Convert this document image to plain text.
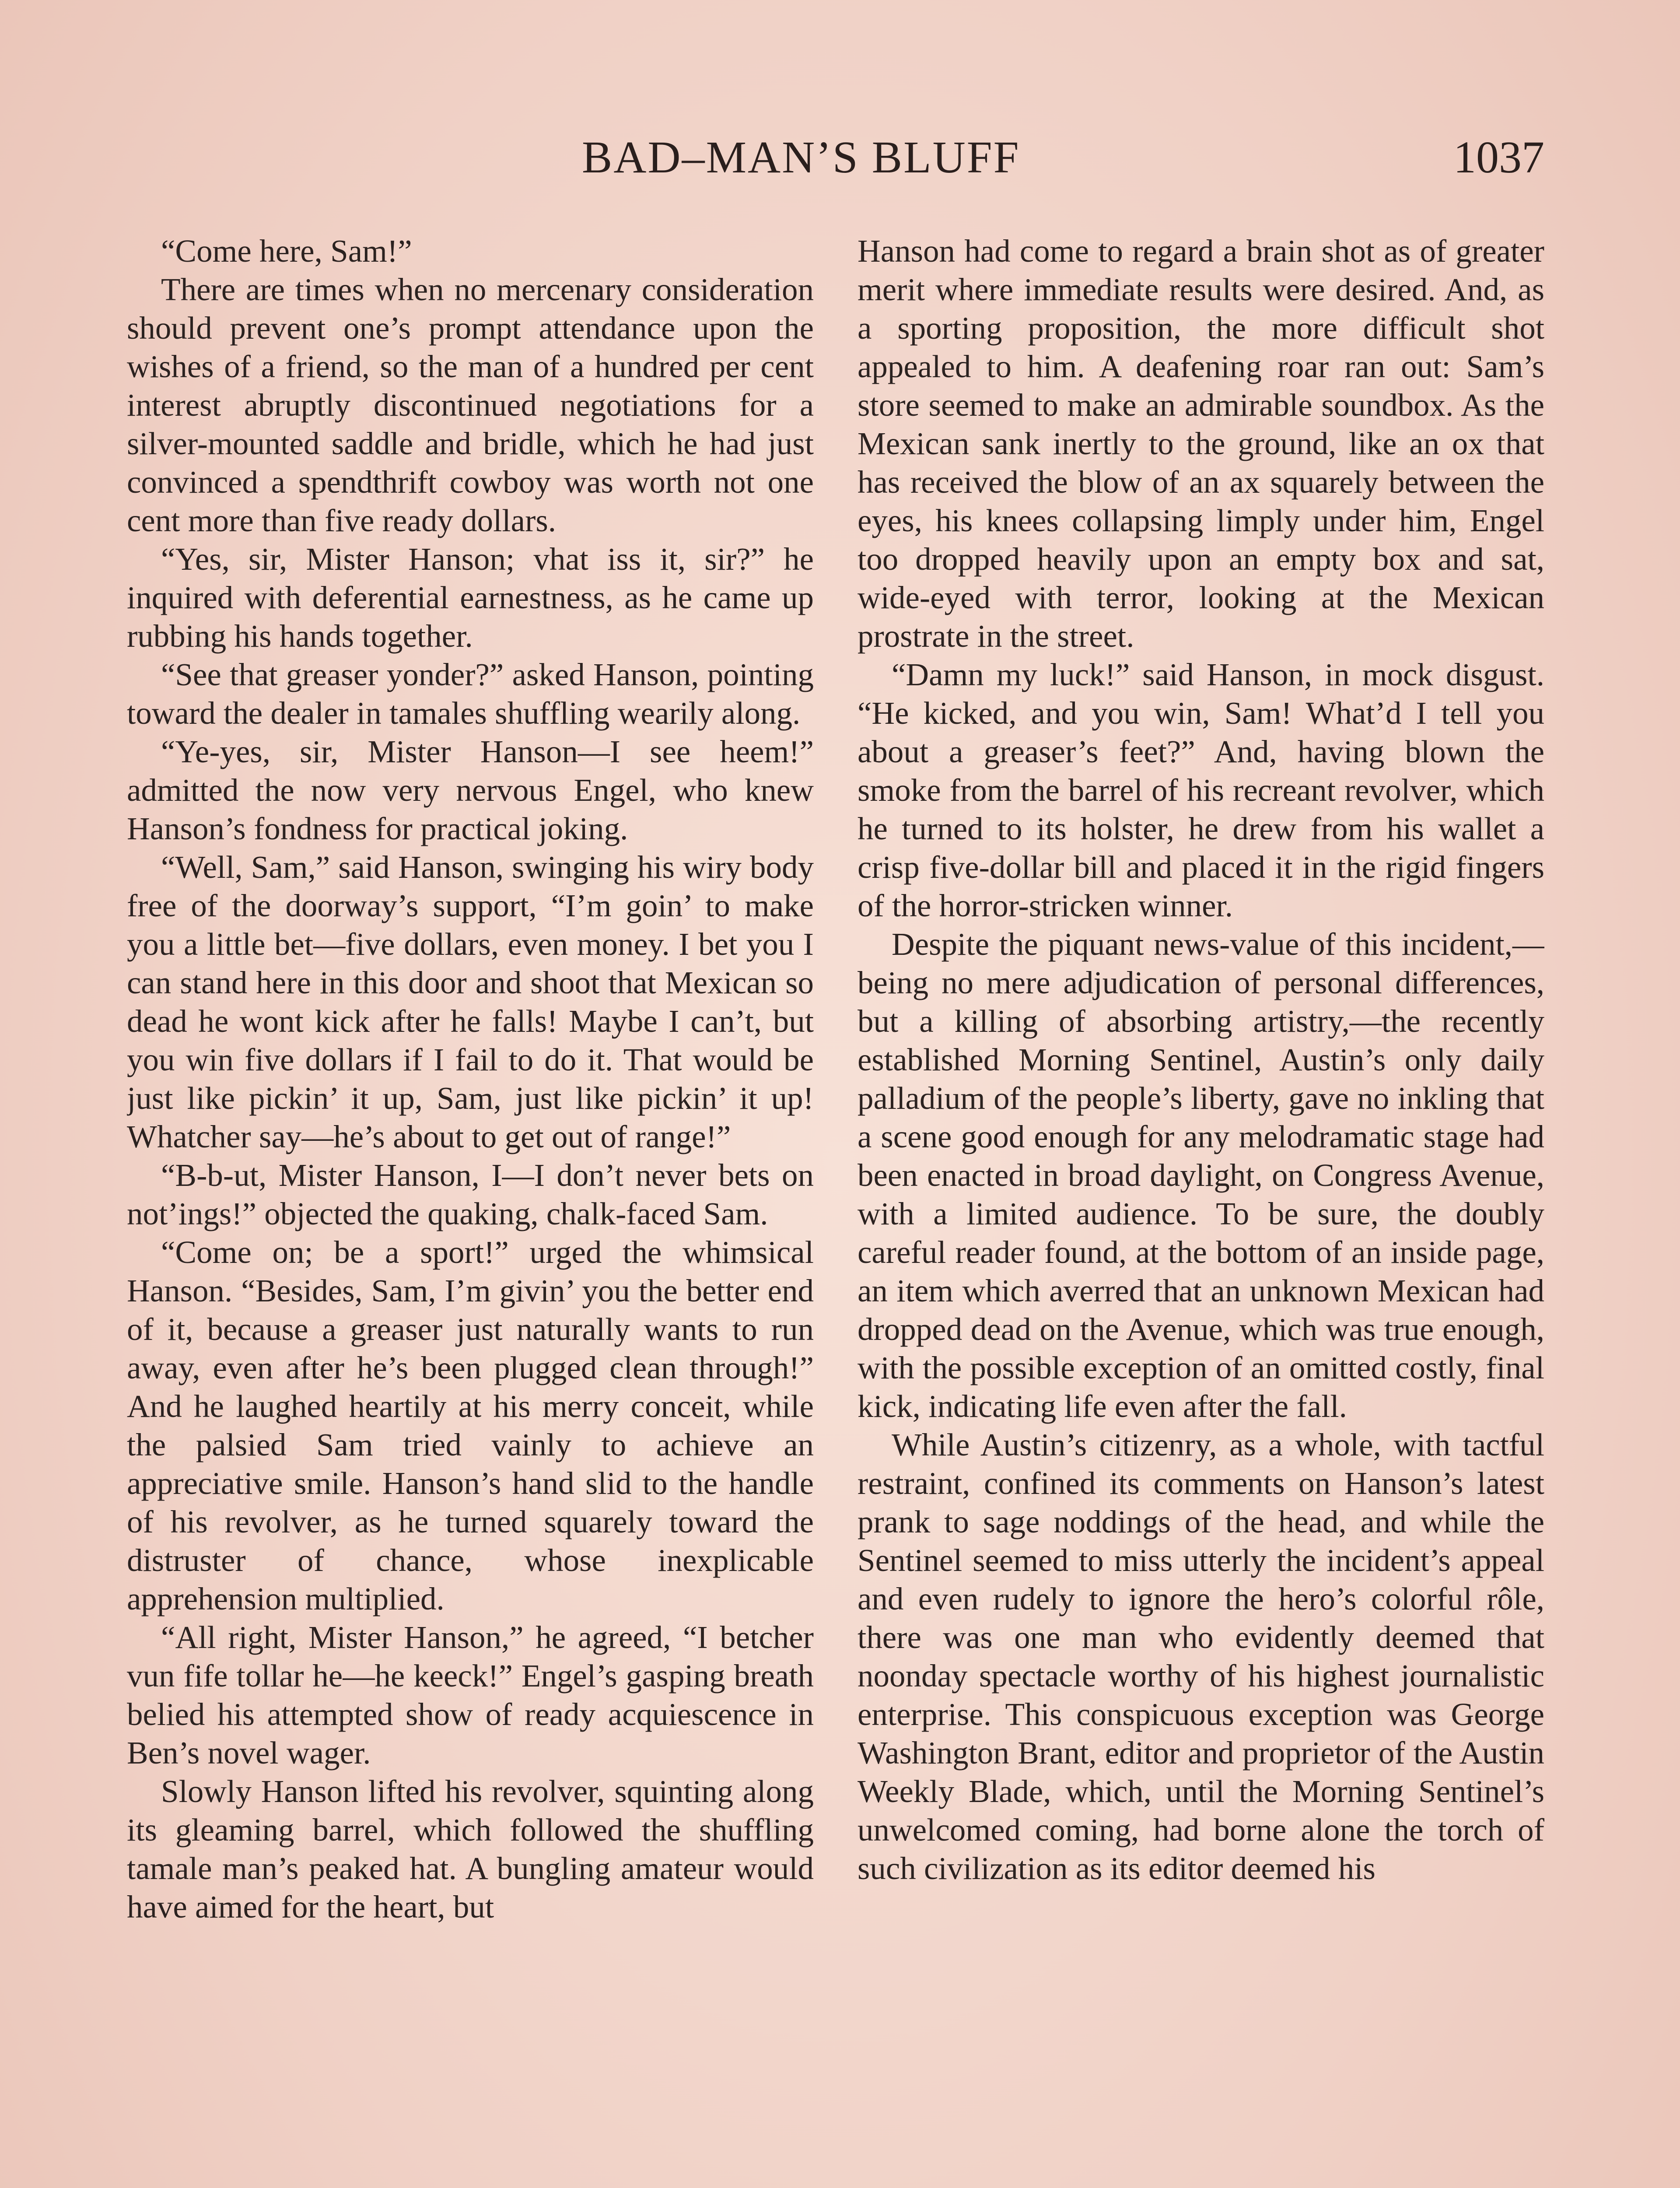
BAD–MAN’S BLUFF	1037

“Come here, Sam!”

There are times when no mercenary consideration should prevent one’s prompt attendance upon the wishes of a friend, so the man of a hundred per cent interest abruptly discontinued negotiations for a silver-mounted saddle and bridle, which he had just convinced a spendthrift cowboy was worth not one cent more than five ready dollars.

“Yes, sir, Mister Hanson; vhat iss it, sir?” he inquired with deferential earnestness, as he came up rubbing his hands together.

“See that greaser yonder?” asked Hanson, pointing toward the dealer in tamales shuffling wearily along.

“Ye-yes, sir, Mister Hanson—I see heem!” admitted the now very nervous Engel, who knew Hanson’s fondness for practical joking.

“Well, Sam,” said Hanson, swinging his wiry body free of the doorway’s support, “I’m goin’ to make you a little bet—five dollars, even money. I bet you I can stand here in this door and shoot that Mexican so dead he wont kick after he falls! Maybe I can’t, but you win five dollars if I fail to do it. That would be just like pickin’ it up, Sam, just like pickin’ it up! Whatcher say—he’s about to get out of range!”

“B-b-ut, Mister Hanson, I—I don’t never bets on not’ings!” objected the quaking, chalk-faced Sam.

“Come on; be a sport!” urged the whimsical Hanson. “Besides, Sam, I’m givin’ you the better end of it, because a greaser just naturally wants to run away, even after he’s been plugged clean through!” And he laughed heartily at his merry conceit, while the palsied Sam tried vainly to achieve an appreciative smile. Hanson’s hand slid to the handle of his revolver, as he turned squarely toward the distruster of chance, whose inexplicable apprehension multiplied.

“All right, Mister Hanson,” he agreed, “I betcher vun fife tollar he—he keeck!” Engel’s gasping breath belied his attempted show of ready acquiescence in Ben’s novel wager.

Slowly Hanson lifted his revolver, squinting along its gleaming barrel, which followed the shuffling tamale man’s peaked hat. A bungling amateur would have aimed for the heart, but

Hanson had come to regard a brain shot as of greater merit where immediate results were desired. And, as a sporting proposition, the more difficult shot appealed to him. A deafening roar ran out: Sam’s store seemed to make an admirable soundbox. As the Mexican sank inertly to the ground, like an ox that has received the blow of an ax squarely between the eyes, his knees collapsing limply under him, Engel too dropped heavily upon an empty box and sat, wide-eyed with terror, looking at the Mexican prostrate in the street.

“Damn my luck!” said Hanson, in mock disgust. “He kicked, and you win, Sam! What’d I tell you about a greaser’s feet?” And, having blown the smoke from the barrel of his recreant revolver, which he turned to its holster, he drew from his wallet a crisp five-dollar bill and placed it in the rigid fingers of the horror-stricken winner.

Despite the piquant news-value of this incident,—being no mere adjudication of personal differences, but a killing of absorbing artistry,—the recently established Morning Sentinel, Austin’s only daily palladium of the people’s liberty, gave no inkling that a scene good enough for any melodramatic stage had been enacted in broad daylight, on Congress Avenue, with a limited audience. To be sure, the doubly careful reader found, at the bottom of an inside page, an item which averred that an unknown Mexican had dropped dead on the Avenue, which was true enough, with the possible exception of an omitted costly, final kick, indicating life even after the fall.

While Austin’s citizenry, as a whole, with tactful restraint, confined its comments on Hanson’s latest prank to sage noddings of the head, and while the Sentinel seemed to miss utterly the incident’s appeal and even rudely to ignore the hero’s colorful rôle, there was one man who evidently deemed that noonday spectacle worthy of his highest journalistic enterprise. This conspicuous exception was George Washington Brant, editor and proprietor of the Austin Weekly Blade, which, until the Morning Sentinel’s unwelcomed coming, had borne alone the torch of such civilization as its editor deemed his
